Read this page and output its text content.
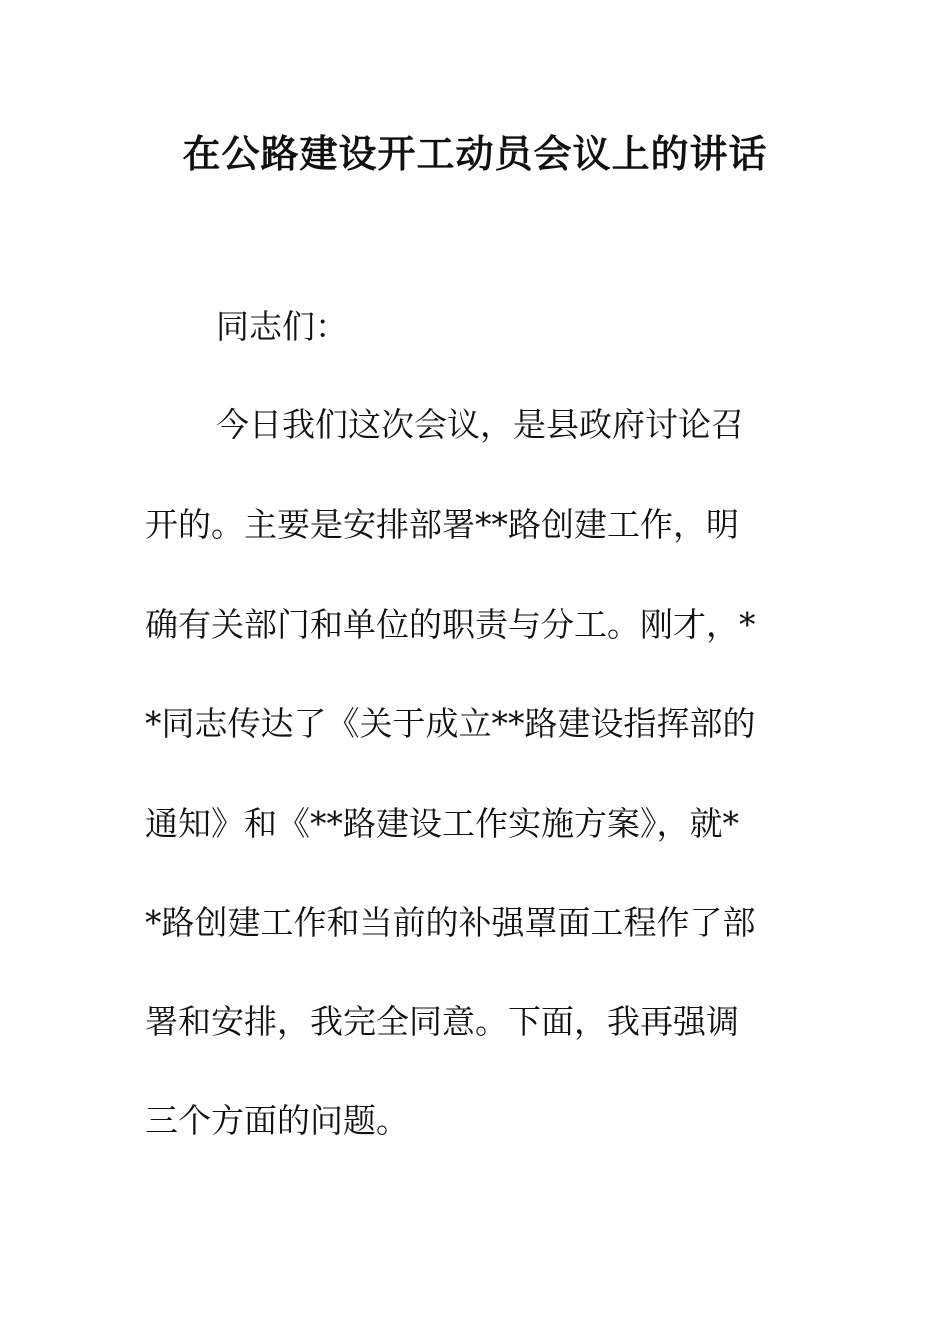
在公路建设开工动员会议上的讲话
同志们：
今日我们这次会议，是县政府讨论召
开的。主要是安排部署**路创建工作，明
确有关部门和单位的职责与分工。刚才，*
*同志传达了《关于成立**路建设指挥部的
通知》和《**路建设工作实施方案》，就*
*路创建工作和当前的补强罩面工程作了部
署和安排，我完全同意。下面，我再强调
三个方面的问题。
